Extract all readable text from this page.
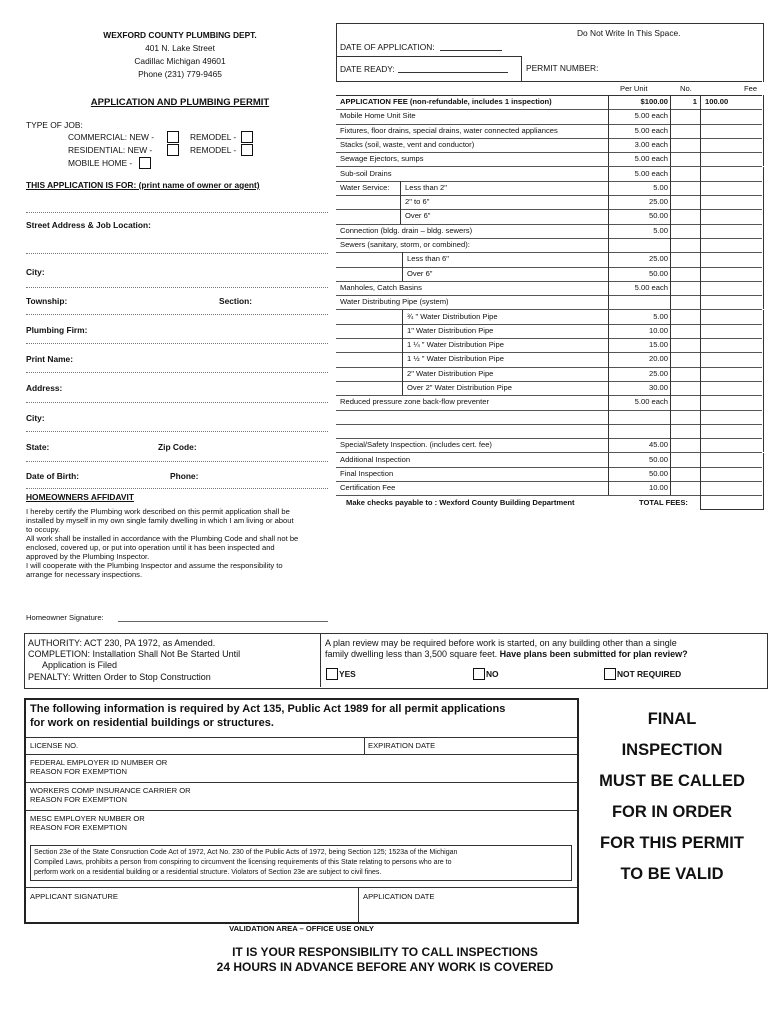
WEXFORD COUNTY PLUMBING DEPT.
401 N. Lake Street
Cadillac Michigan 49601
Phone (231) 779-9465
Do Not Write In This Space.
DATE OF APPLICATION:
DATE READY:	PERMIT NUMBER:
APPLICATION AND PLUMBING PERMIT
TYPE OF JOB:
COMMERCIAL: NEW -	REMODEL -
RESIDENTIAL: NEW -	REMODEL -
MOBILE HOME -
THIS APPLICATION IS FOR: (print name of owner or agent)
Street Address & Job Location:
City:
Township:	Section:
Plumbing Firm:
Print Name:
Address:
City:
State:	Zip Code:
Date of Birth:	Phone:
HOMEOWNERS AFFIDAVIT
I hereby certify the Plumbing work described on this permit application shall be
installed by myself in my own single family dwelling in which I am living or about
to occupy.
All work shall be installed in accordance with the Plumbing Code and shall not be
enclosed, covered up, or put into operation until it has been inspected and
approved by the Plumbing Inspector.
I will cooperate with the Plumbing Inspector and assume the responsibility to
arrange for necessary inspections.
Homeowner Signature:
Per Unit	No.	Fee
APPLICATION FEE (non-refundable, includes 1 inspection)	$100.00	1	100.00
Mobile Home Unit Site	5.00 each
Fixtures, floor drains, special drains, water connected appliances	5.00 each
Stacks (soil, waste, vent and conductor)	3.00 each
Sewage Ejectors, sumps	5.00 each
Sub-soil Drains	5.00 each
Water Service: Less than 2"	5.00
2" to 6"	25.00
Over 6"	50.00
Connection (bldg. drain – bldg. sewers)	5.00
Sewers (sanitary, storm, or combined):
Less than 6"	25.00
Over 6"	50.00
Manholes, Catch Basins	5.00 each
Water Distributing Pipe (system)
¾ " Water Distribution Pipe	5.00
1" Water Distribution Pipe	10.00
1 ¼ " Water Distribution Pipe	15.00
1 ½ " Water Distribution Pipe	20.00
2" Water Distribution Pipe	25.00
Over 2" Water Distribution Pipe	30.00
Reduced pressure zone back-flow preventer	5.00 each
Special/Safety Inspection. (includes cert. fee)	45.00
Additional Inspection	50.00
Final Inspection	50.00
Certification Fee	10.00
Make checks payable to : Wexford County Building Department	TOTAL FEES:
AUTHORITY: ACT 230, PA 1972, as Amended.
COMPLETION: Installation Shall Not Be Started Until
Application is Filed
PENALTY: Written Order to Stop Construction
A plan review may be required before work is started, on any building other than a single
family dwelling less than 3,500 square feet. Have plans been submitted for plan review?
YES	NO	NOT REQUIRED
The following information is required by Act 135, Public Act 1989 for all permit applications
for work on residential buildings or structures.
LICENSE NO.	EXPIRATION DATE
FEDERAL EMPLOYER ID NUMBER OR
REASON FOR EXEMPTION
WORKERS COMP INSURANCE CARRIER OR
REASON FOR EXEMPTION
MESC EMPLOYER NUMBER OR
REASON FOR EXEMPTION
Section 23e of the State Consruction Code Act of 1972, Act No. 230 of the Public Acts of 1972, being Section 125; 1523a of the Michigan
Compiled Laws, prohibits a person from conspiring to circumvent the licensing requirements of this State relating to persons who are to
perform work on a residential building or a residential structure. Violators of Section 23e are subject to civil fines.
APPLICANT SIGNATURE	APPLICATION DATE
FINAL
INSPECTION
MUST BE CALLED
FOR IN ORDER
FOR THIS PERMIT
TO BE VALID
VALIDATION AREA – OFFICE USE ONLY
IT IS YOUR RESPONSIBILITY TO CALL INSPECTIONS
24 HOURS IN ADVANCE BEFORE ANY WORK IS COVERED
